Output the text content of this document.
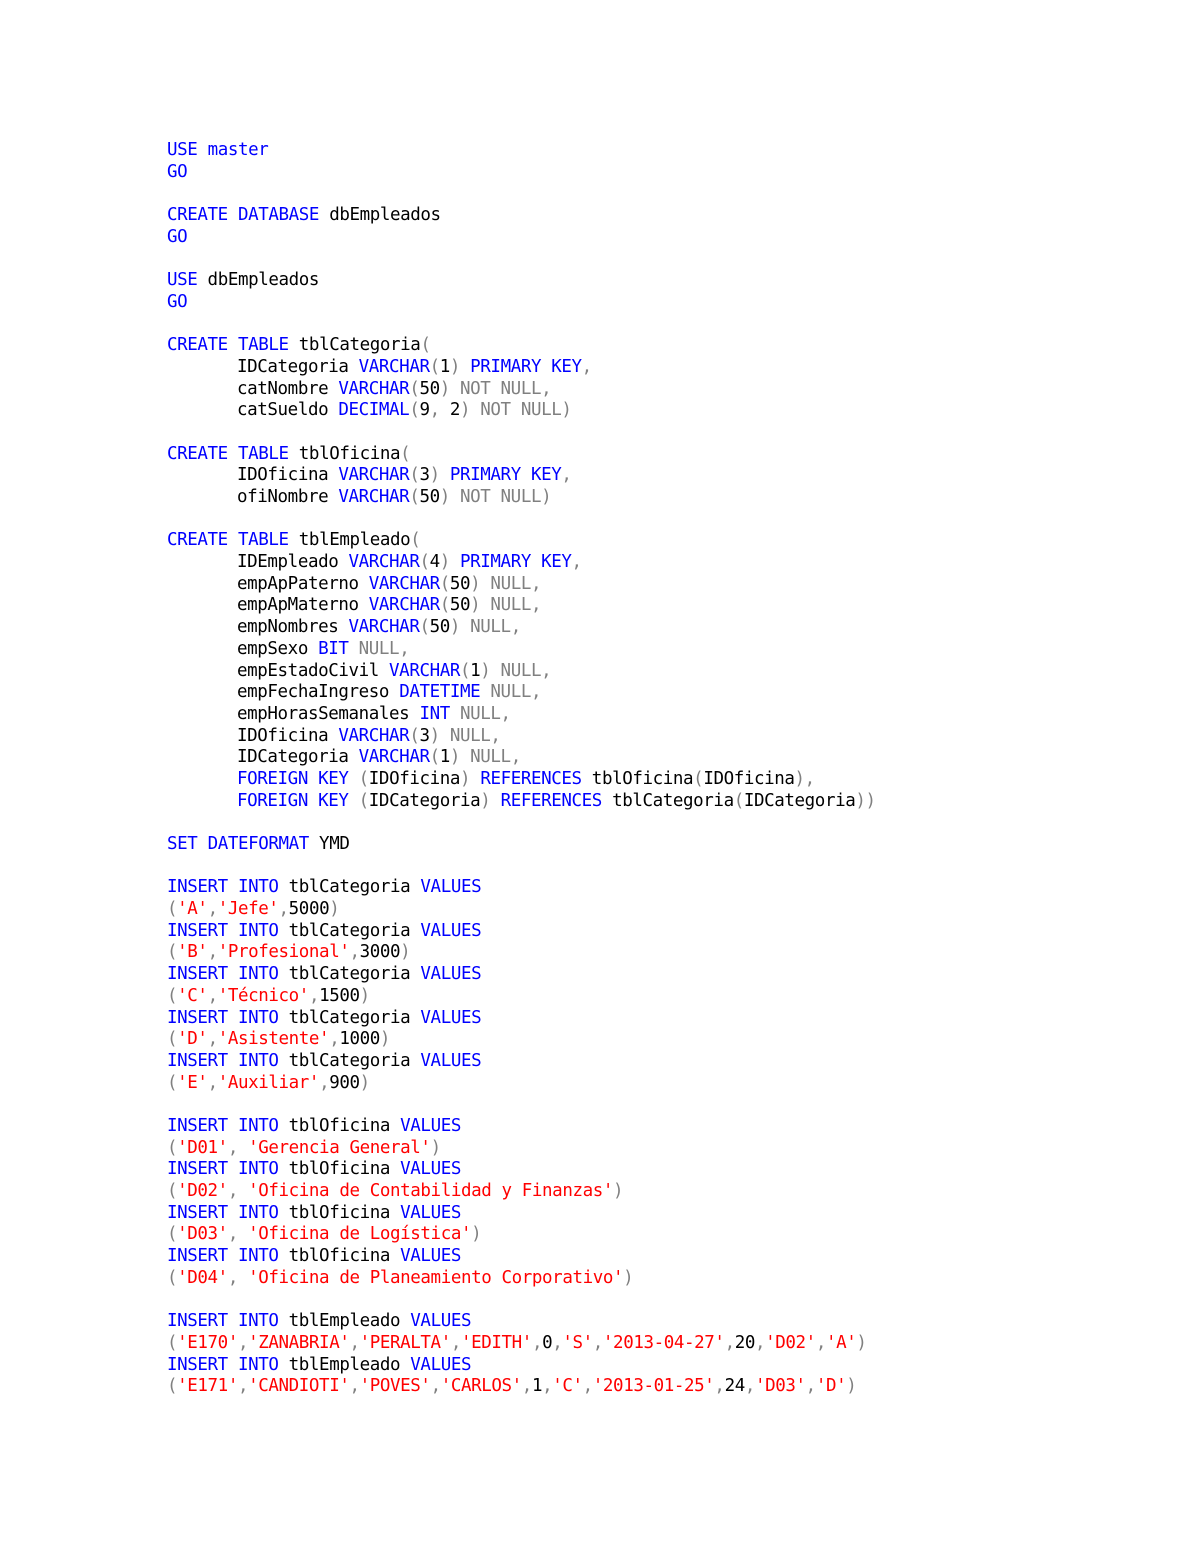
USE master
GO

CREATE DATABASE dbEmpleados
GO

USE dbEmpleados
GO

CREATE TABLE tblCategoria(
IDCategoria VARCHAR(1) PRIMARY KEY,
catNombre VARCHAR(50) NOT NULL,
catSueldo DECIMAL(9, 2) NOT NULL)

CREATE TABLE tblOficina(
IDOficina VARCHAR(3) PRIMARY KEY,
ofiNombre VARCHAR(50) NOT NULL)

CREATE TABLE tblEmpleado(
IDEmpleado VARCHAR(4) PRIMARY KEY,
empApPaterno VARCHAR(50) NULL,
empApMaterno VARCHAR(50) NULL,
empNombres VARCHAR(50) NULL,
empSexo BIT NULL,
empEstadoCivil VARCHAR(1) NULL,
empFechaIngreso DATETIME NULL,
empHorasSemanales INT NULL,
IDOficina VARCHAR(3) NULL,
IDCategoria VARCHAR(1) NULL,
FOREIGN KEY (IDOficina) REFERENCES tblOficina(IDOficina),
FOREIGN KEY (IDCategoria) REFERENCES tblCategoria(IDCategoria))

SET DATEFORMAT YMD

INSERT INTO tblCategoria VALUES
('A','Jefe',5000)
INSERT INTO tblCategoria VALUES
('B','Profesional',3000)
INSERT INTO tblCategoria VALUES
('C','Técnico',1500)
INSERT INTO tblCategoria VALUES
('D','Asistente',1000)
INSERT INTO tblCategoria VALUES
('E','Auxiliar',900)

INSERT INTO tblOficina VALUES
('D01', 'Gerencia General')
INSERT INTO tblOficina VALUES
('D02', 'Oficina de Contabilidad y Finanzas')
INSERT INTO tblOficina VALUES
('D03', 'Oficina de Logística')
INSERT INTO tblOficina VALUES
('D04', 'Oficina de Planeamiento Corporativo')

INSERT INTO tblEmpleado VALUES
('E170','ZANABRIA','PERALTA','EDITH',0,'S','2013-04-27',20,'D02','A')
INSERT INTO tblEmpleado VALUES
('E171','CANDIOTI','POVES','CARLOS',1,'C','2013-01-25',24,'D03','D')
